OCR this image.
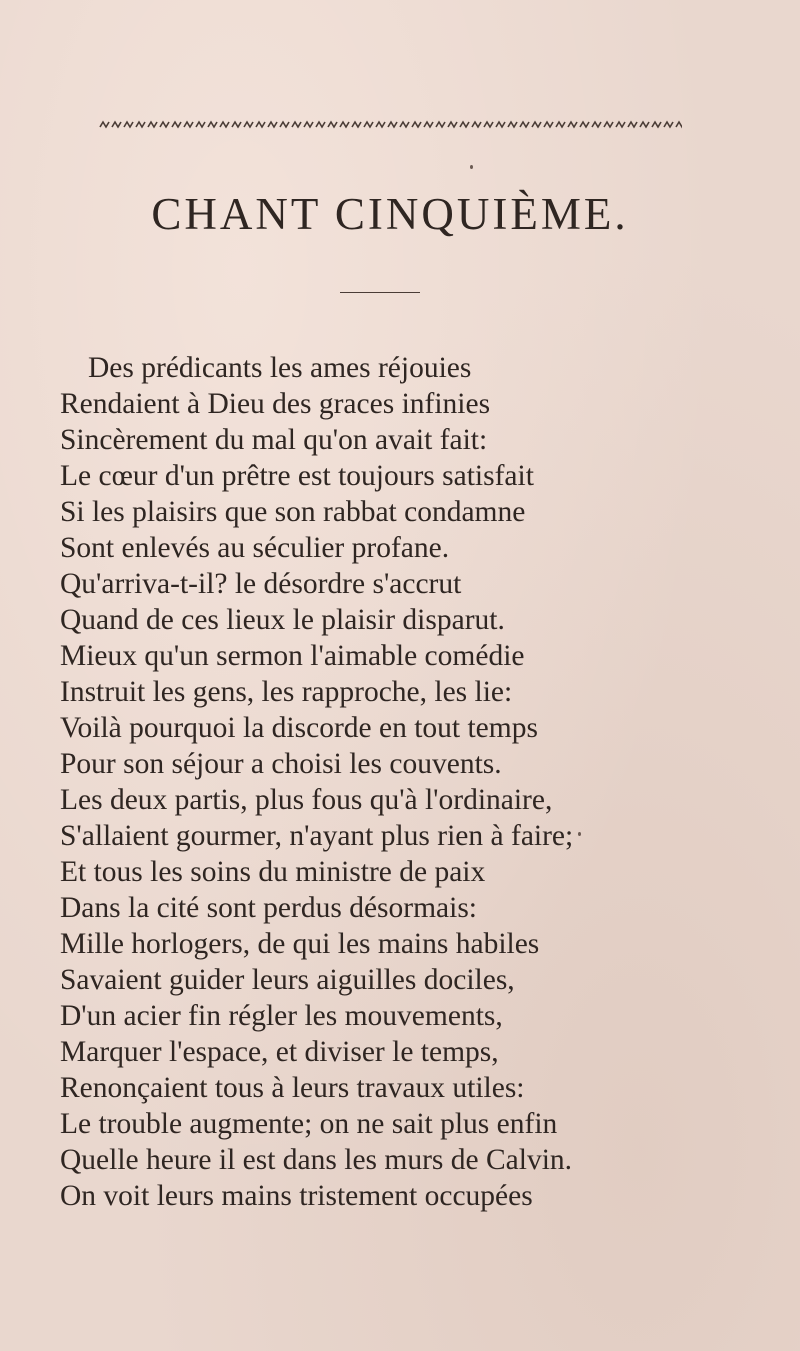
CHANT CINQUIÈME.
Des prédicants les ames réjouies
Rendaient à Dieu des graces infinies
Sincèrement du mal qu'on avait fait:
Le cœur d'un prêtre est toujours satisfait
Si les plaisirs que son rabbat condamne
Sont enlevés au séculier profane.
Qu'arriva-t-il? le désordre s'accrut
Quand de ces lieux le plaisir disparut.
Mieux qu'un sermon l'aimable comédie
Instruit les gens, les rapproche, les lie:
Voilà pourquoi la discorde en tout temps
Pour son séjour a choisi les couvents.
Les deux partis, plus fous qu'à l'ordinaire,
S'allaient gourmer, n'ayant plus rien à faire;
Et tous les soins du ministre de paix
Dans la cité sont perdus désormais:
Mille horlogers, de qui les mains habiles
Savaient guider leurs aiguilles dociles,
D'un acier fin régler les mouvements,
Marquer l'espace, et diviser le temps,
Renonçaient tous à leurs travaux utiles:
Le trouble augmente; on ne sait plus enfin
Quelle heure il est dans les murs de Calvin.
On voit leurs mains tristement occupées
